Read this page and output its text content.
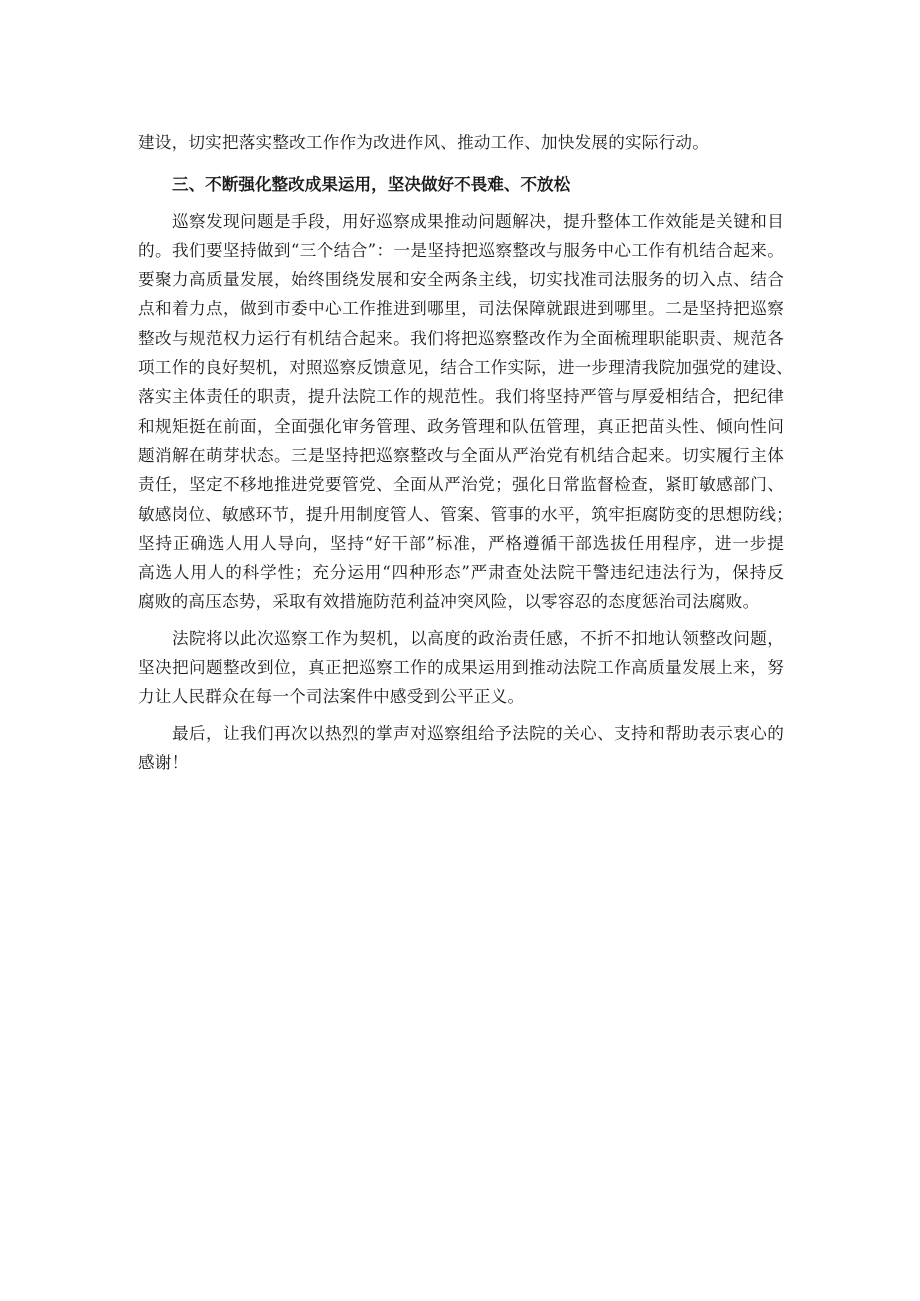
建设，切实把落实整改工作作为改进作风、推动工作、加快发展的实际行动。
三、不断强化整改成果运用，坚决做好不畏难、不放松
巡察发现问题是手段，用好巡察成果推动问题解决，提升整体工作效能是关键和目
的。我们要坚持做到“三个结合”：一是坚持把巡察整改与服务中心工作有机结合起来。
要聚力高质量发展，始终围绕发展和安全两条主线，切实找准司法服务的切入点、结合
点和着力点，做到市委中心工作推进到哪里，司法保障就跟进到哪里。二是坚持把巡察
整改与规范权力运行有机结合起来。我们将把巡察整改作为全面梳理职能职责、规范各
项工作的良好契机，对照巡察反馈意见，结合工作实际，进一步理清我院加强党的建设、
落实主体责任的职责，提升法院工作的规范性。我们将坚持严管与厚爱相结合，把纪律
和规矩挺在前面，全面强化审务管理、政务管理和队伍管理，真正把苗头性、倾向性问
题消解在萌芽状态。三是坚持把巡察整改与全面从严治党有机结合起来。切实履行主体
责任，坚定不移地推进党要管党、全面从严治党；强化日常监督检查，紧盯敏感部门、
敏感岗位、敏感环节，提升用制度管人、管案、管事的水平，筑牢拒腐防变的思想防线；
坚持正确选人用人导向，坚持“好干部”标准，严格遵循干部选拔任用程序，进一步提
高选人用人的科学性；充分运用“四种形态”严肃查处法院干警违纪违法行为，保持反
腐败的高压态势，采取有效措施防范利益冲突风险，以零容忍的态度惩治司法腐败。
法院将以此次巡察工作为契机，以高度的政治责任感，不折不扣地认领整改问题，
坚决把问题整改到位，真正把巡察工作的成果运用到推动法院工作高质量发展上来，努
力让人民群众在每一个司法案件中感受到公平正义。
最后，让我们再次以热烈的掌声对巡察组给予法院的关心、支持和帮助表示衷心的
感谢！
